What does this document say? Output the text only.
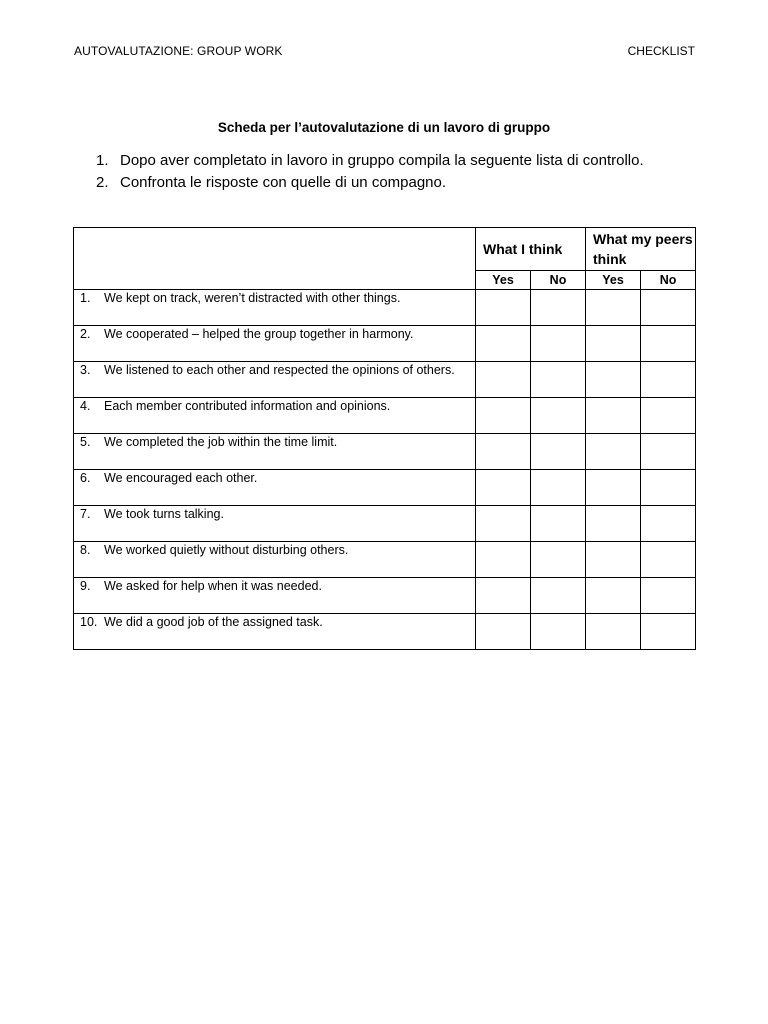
AUTOVALUTAZIONE: GROUP WORK	CHECKLIST
Scheda per l’autovalutazione di un lavoro di gruppo
1. Dopo aver completato in lavoro in gruppo compila la seguente lista di controllo.
2. Confronta le risposte con quelle di un compagno.
	What I think		What my peers think	
	Yes	No	Yes	No

1. We kept on track, weren’t distracted with other things.				

2. We cooperated – helped the group together in harmony.				

3. We listened to each other and respected the opinions of others.				

4. Each member contributed information and opinions.				

5. We completed the job within the time limit.				

6. We encouraged each other.				

7. We took turns talking.				

8. We worked quietly without disturbing others.				

9. We asked for help when it was needed.				

10. We did a good job of the assigned task.				
